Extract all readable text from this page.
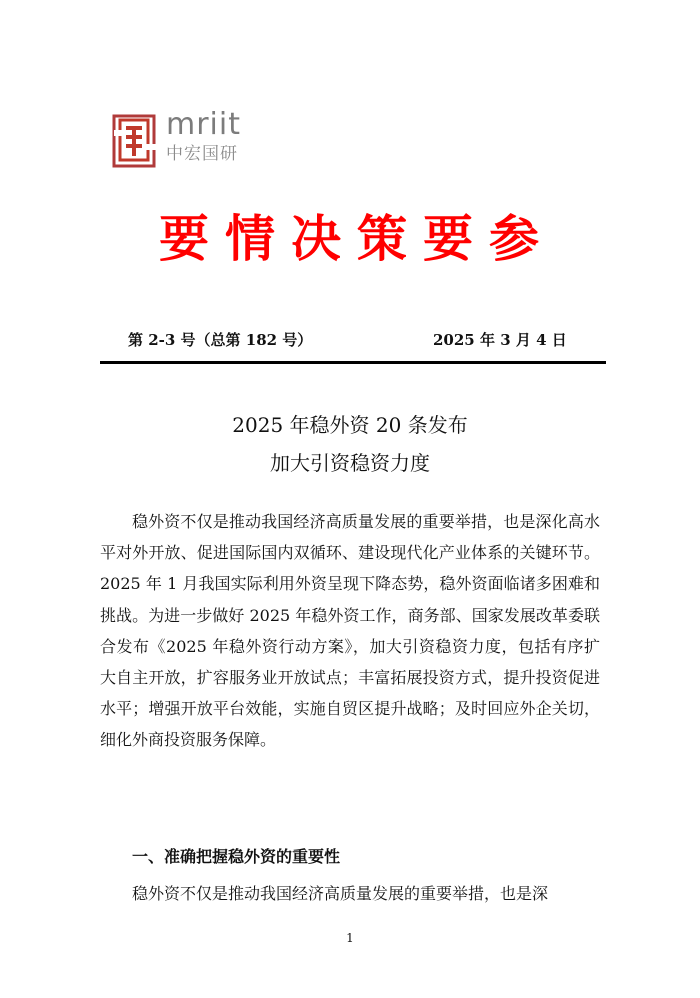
mriit
中宏国研
要情决策要参
第 2-3 号（总第 182 号）	2025 年 3 月 4 日
2025 年稳外资 20 条发布
加大引资稳资力度

稳外资不仅是推动我国经济高质量发展的重要举措，也是深化高水平对外开放、促进国际国内双循环、建设现代化产业体系的关键环节。2025 年 1 月我国实际利用外资呈现下降态势，稳外资面临诸多困难和挑战。为进一步做好 2025 年稳外资工作，商务部、国家发展改革委联合发布《2025 年稳外资行动方案》，加大引资稳资力度，包括有序扩大自主开放，扩容服务业开放试点；丰富拓展投资方式，提升投资促进水平；增强开放平台效能，实施自贸区提升战略；及时回应外企关切，细化外商投资服务保障。

一、准确把握稳外资的重要性

稳外资不仅是推动我国经济高质量发展的重要举措，也是深

1
